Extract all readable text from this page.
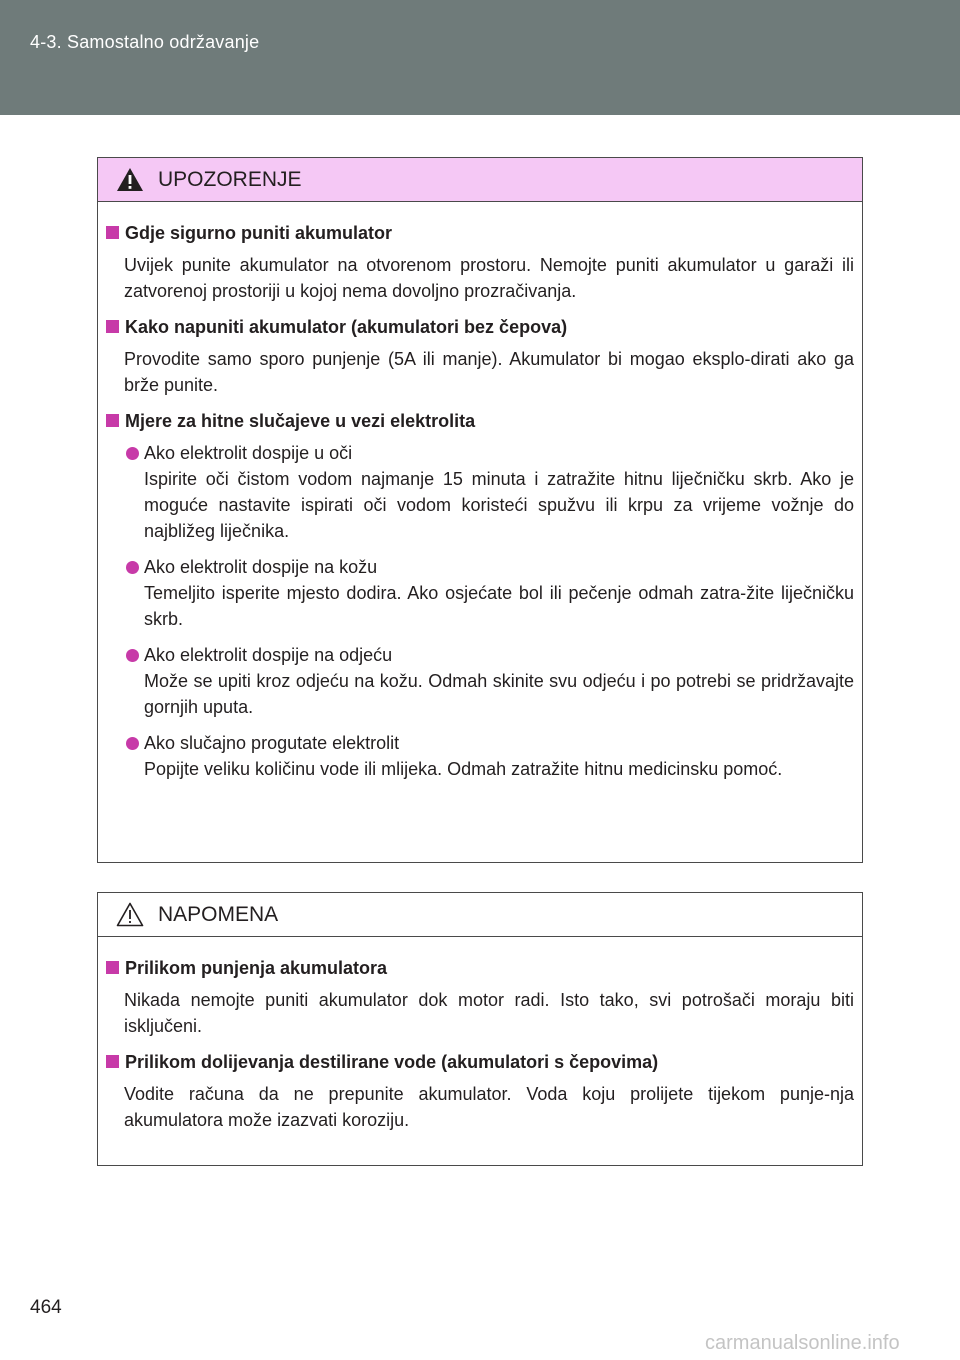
4-3. Samostalno održavanje
UPOZORENJE
Gdje sigurno puniti akumulator
Uvijek punite akumulator na otvorenom prostoru. Nemojte puniti akumulator u garaži ili zatvorenoj prostoriji u kojoj nema dovoljno prozračivanja.
Kako napuniti akumulator (akumulatori bez čepova)
Provodite samo sporo punjenje (5A ili manje). Akumulator bi mogao eksplo-dirati ako ga brže punite.
Mjere za hitne slučajeve u vezi elektrolita
Ako elektrolit dospije u oči
Ispirite oči čistom vodom najmanje 15 minuta i zatražite hitnu liječničku skrb. Ako je moguće nastavite ispirati oči vodom koristeći spužvu ili krpu za vrijeme vožnje do najbližeg liječnika.
Ako elektrolit dospije na kožu
Temeljito isperite mjesto dodira. Ako osjećate bol ili pečenje odmah zatra-žite liječničku skrb.
Ako elektrolit dospije na odjeću
Može se upiti kroz odjeću na kožu. Odmah skinite svu odjeću i po potrebi se pridržavajte gornjih uputa.
Ako slučajno progutate elektrolit
Popijte veliku količinu vode ili mlijeka. Odmah zatražite hitnu medicinsku pomoć.
NAPOMENA
Prilikom punjenja akumulatora
Nikada nemojte puniti akumulator dok motor radi. Isto tako, svi potrošači moraju biti isključeni.
Prilikom dolijevanja destilirane vode (akumulatori s čepovima)
Vodite računa da ne prepunite akumulator. Voda koju prolijete tijekom punje-nja akumulatora može izazvati koroziju.
464
carmanualsonline.info
